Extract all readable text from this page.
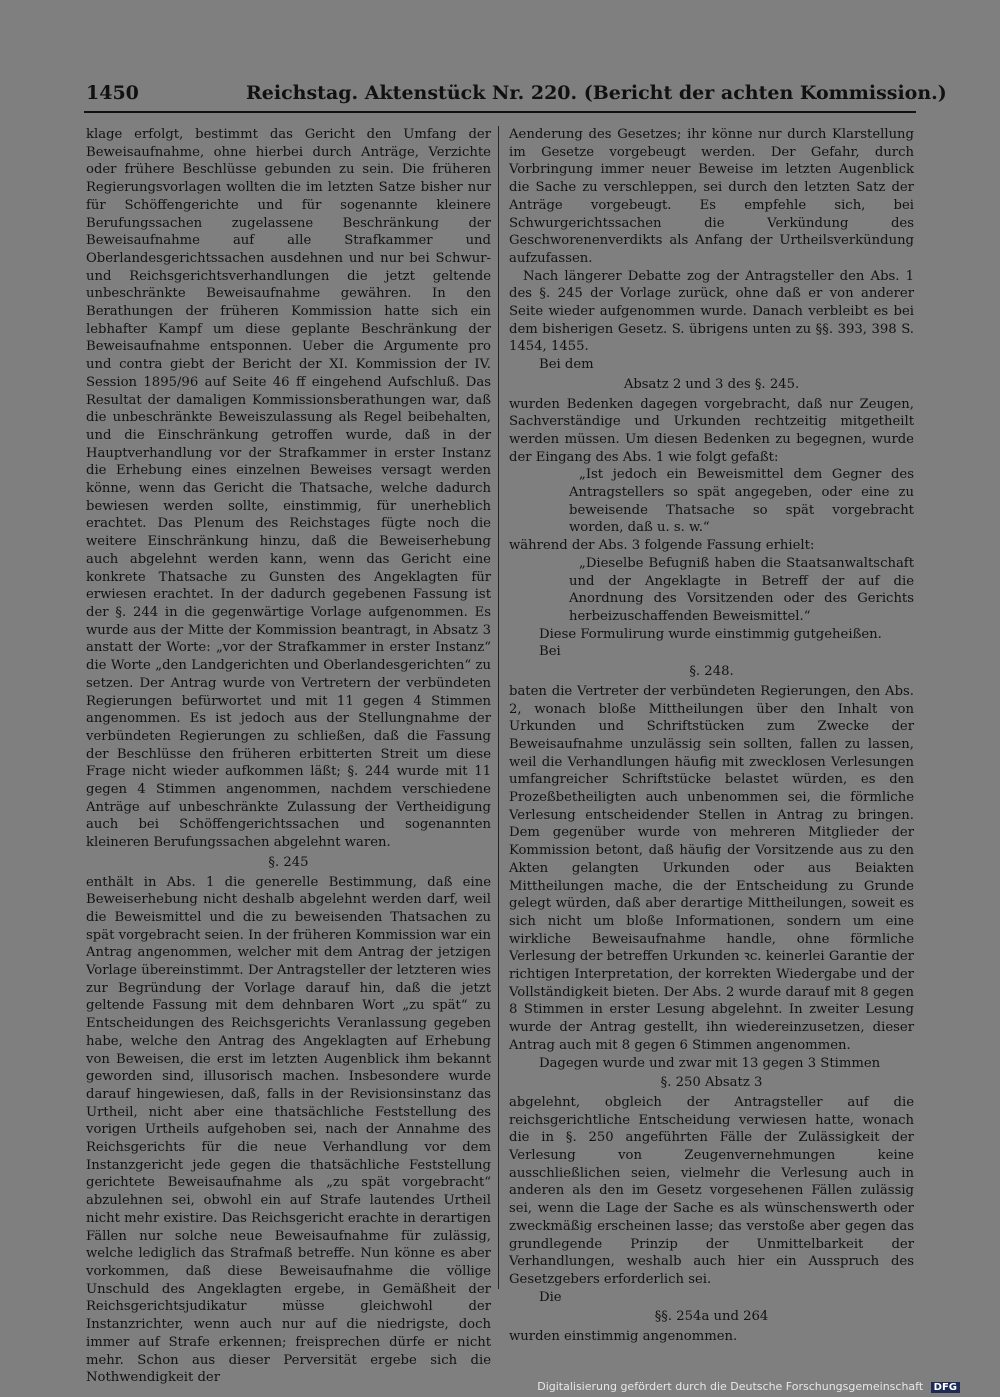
1450	Reichstag. Aktenstück Nr. 220. (Bericht der achten Kommission.)

klage erfolgt, bestimmt das Gericht den Umfang der Beweisaufnahme, ohne hierbei durch Anträge, Verzichte oder frühere Beschlüsse gebunden zu sein. Die früheren Regierungsvorlagen wollten die im letzten Satze bisher nur für Schöffengerichte und für sogenannte kleinere Berufungssachen zugelassene Beschränkung der Beweisaufnahme auf alle Strafkammer und Oberlandesgerichtssachen ausdehnen und nur bei Schwur- und Reichsgerichtsverhandlungen die jetzt geltende unbeschränkte Beweisaufnahme gewähren. In den Berathungen der früheren Kommission hatte sich ein lebhafter Kampf um diese geplante Beschränkung der Beweisaufnahme entsponnen. Ueber die Argumente pro und contra giebt der Bericht der XI. Kommission der IV. Session 1895/96 auf Seite 46 ff eingehend Aufschluß. Das Resultat der damaligen Kommissionsberathungen war, daß die unbeschränkte Beweiszulassung als Regel beibehalten, und die Einschränkung getroffen wurde, daß in der Hauptverhandlung vor der Strafkammer in erster Instanz die Erhebung eines einzelnen Beweises versagt werden könne, wenn das Gericht die Thatsache, welche dadurch bewiesen werden sollte, einstimmig, für unerheblich erachtet. Das Plenum des Reichstages fügte noch die weitere Einschränkung hinzu, daß die Beweiserhebung auch abgelehnt werden kann, wenn das Gericht eine konkrete Thatsache zu Gunsten des Angeklagten für erwiesen erachtet. In der dadurch gegebenen Fassung ist der §. 244 in die gegenwärtige Vorlage aufgenommen. Es wurde aus der Mitte der Kommission beantragt, in Absatz 3 anstatt der Worte: „vor der Strafkammer in erster Instanz“ die Worte „den Landgerichten und Oberlandesgerichten“ zu setzen. Der Antrag wurde von Vertretern der verbündeten Regierungen befürwortet und mit 11 gegen 4 Stimmen angenommen. Es ist jedoch aus der Stellungnahme der verbündeten Regierungen zu schließen, daß die Fassung der Beschlüsse den früheren erbitterten Streit um diese Frage nicht wieder aufkommen läßt; §. 244 wurde mit 11 gegen 4 Stimmen angenommen, nachdem verschiedene Anträge auf unbeschränkte Zulassung der Vertheidigung auch bei Schöffengerichtssachen und sogenannten kleineren Berufungssachen abgelehnt waren.

§. 245

enthält in Abs. 1 die generelle Bestimmung, daß eine Beweiserhebung nicht deshalb abgelehnt werden darf, weil die Beweismittel und die zu beweisenden Thatsachen zu spät vorgebracht seien. In der früheren Kommission war ein Antrag angenommen, welcher mit dem Antrag der jetzigen Vorlage übereinstimmt. Der Antragsteller der letzteren wies zur Begründung der Vorlage darauf hin, daß die jetzt geltende Fassung mit dem dehnbaren Wort „zu spät“ zu Entscheidungen des Reichsgerichts Veranlassung gegeben habe, welche den Antrag des Angeklagten auf Erhebung von Beweisen, die erst im letzten Augenblick ihm bekannt geworden sind, illusorisch machen. Insbesondere wurde darauf hingewiesen, daß, falls in der Revisionsinstanz das Urtheil, nicht aber eine thatsächliche Feststellung des vorigen Urtheils aufgehoben sei, nach der Annahme des Reichsgerichts für die neue Verhandlung vor dem Instanzgericht jede gegen die thatsächliche Feststellung gerichtete Beweisaufnahme als „zu spät vorgebracht“ abzulehnen sei, obwohl ein auf Strafe lautendes Urtheil nicht mehr existire. Das Reichsgericht erachte in derartigen Fällen nur solche neue Beweisaufnahme für zulässig, welche lediglich das Strafmaß betreffe. Nun könne es aber vorkommen, daß diese Beweisaufnahme die völlige Unschuld des Angeklagten ergebe, in Gemäßheit der Reichsgerichtsjudikatur müsse gleichwohl der Instanzrichter, wenn auch nur auf die niedrigste, doch immer auf Strafe erkennen; freisprechen dürfe er nicht mehr. Schon aus dieser Perversität ergebe sich die Nothwendigkeit der

Aenderung des Gesetzes; ihr könne nur durch Klarstellung im Gesetze vorgebeugt werden. Der Gefahr, durch Vorbringung immer neuer Beweise im letzten Augenblick die Sache zu verschleppen, sei durch den letzten Satz der Anträge vorgebeugt. Es empfehle sich, bei Schwurgerichtssachen die Verkündung des Geschworenenverdikts als Anfang der Urtheilsverkündung aufzufassen.

Nach längerer Debatte zog der Antragsteller den Abs. 1 des §. 245 der Vorlage zurück, ohne daß er von anderer Seite wieder aufgenommen wurde. Danach verbleibt es bei dem bisherigen Gesetz. S. übrigens unten zu §§. 393, 398 S. 1454, 1455.

Bei dem

Absatz 2 und 3 des §. 245.

wurden Bedenken dagegen vorgebracht, daß nur Zeugen, Sachverständige und Urkunden rechtzeitig mitgetheilt werden müssen. Um diesen Bedenken zu begegnen, wurde der Eingang des Abs. 1 wie folgt gefaßt:

„Ist jedoch ein Beweismittel dem Gegner des Antragstellers so spät angegeben, oder eine zu beweisende Thatsache so spät vorgebracht worden, daß u. s. w.“

während der Abs. 3 folgende Fassung erhielt:

„Dieselbe Befugniß haben die Staatsanwaltschaft und der Angeklagte in Betreff der auf die Anordnung des Vorsitzenden oder des Gerichts herbeizuschaffenden Beweismittel.“

Diese Formulirung wurde einstimmig gutgeheißen.

Bei

§. 248.

baten die Vertreter der verbündeten Regierungen, den Abs. 2, wonach bloße Mittheilungen über den Inhalt von Urkunden und Schriftstücken zum Zwecke der Beweisaufnahme unzulässig sein sollten, fallen zu lassen, weil die Verhandlungen häufig mit zwecklosen Verlesungen umfangreicher Schriftstücke belastet würden, es den Prozeßbetheiligten auch unbenommen sei, die förmliche Verlesung entscheidender Stellen in Antrag zu bringen. Dem gegenüber wurde von mehreren Mitglieder der Kommission betont, daß häufig der Vorsitzende aus zu den Akten gelangten Urkunden oder aus Beiakten Mittheilungen mache, die der Entscheidung zu Grunde gelegt würden, daß aber derartige Mittheilungen, soweit es sich nicht um bloße Informationen, sondern um eine wirkliche Beweisaufnahme handle, ohne förmliche Verlesung der betreffen Urkunden ꝛc. keinerlei Garantie der richtigen Interpretation, der korrekten Wiedergabe und der Vollständigkeit bieten. Der Abs. 2 wurde darauf mit 8 gegen 8 Stimmen in erster Lesung abgelehnt. In zweiter Lesung wurde der Antrag gestellt, ihn wiedereinzusetzen, dieser Antrag auch mit 8 gegen 6 Stimmen angenommen.

Dagegen wurde und zwar mit 13 gegen 3 Stimmen

§. 250 Absatz 3

abgelehnt, obgleich der Antragsteller auf die reichsgerichtliche Entscheidung verwiesen hatte, wonach die in §. 250 angeführten Fälle der Zulässigkeit der Verlesung von Zeugenvernehmungen keine ausschließlichen seien, vielmehr die Verlesung auch in anderen als den im Gesetz vorgesehenen Fällen zulässig sei, wenn die Lage der Sache es als wünschenswerth oder zweckmäßig erscheinen lasse; das verstoße aber gegen das grundlegende Prinzip der Unmittelbarkeit der Verhandlungen, weshalb auch hier ein Ausspruch des Gesetzgebers erforderlich sei.

Die

§§. 254a und 264

wurden einstimmig angenommen.

Digitalisierung gefördert durch die Deutsche Forschungsgemeinschaft DFG
